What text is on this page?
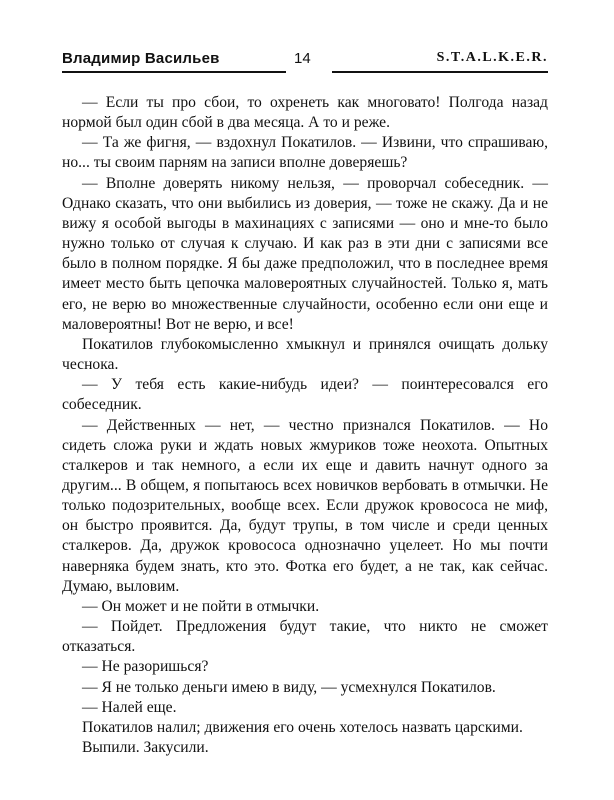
Владимир Васильев	14	S.T.A.L.K.E.R.

— Если ты про сбои, то охренеть как многовато! Полгода назад нормой был один сбой в два месяца. А то и реже.

— Та же фигня, — вздохнул Покатилов. — Извини, что спрашиваю, но... ты своим парням на записи вполне доверяешь?

— Вполне доверять никому нельзя, — проворчал собеседник. — Однако сказать, что они выбились из доверия, — тоже не скажу. Да и не вижу я особой выгоды в махинациях с записями — оно и мне-то было нужно только от случая к случаю. И как раз в эти дни с записями все было в полном порядке. Я бы даже предположил, что в последнее время имеет место быть цепочка маловероятных случайностей. Только я, мать его, не верю во множественные случайности, особенно если они еще и маловероятны! Вот не верю, и все!

Покатилов глубокомысленно хмыкнул и принялся очищать дольку чеснока.

— У тебя есть какие-нибудь идеи? — поинтересовался его собеседник.

— Действенных — нет, — честно признался Покатилов. — Но сидеть сложа руки и ждать новых жмуриков тоже неохота. Опытных сталкеров и так немного, а если их еще и давить начнут одного за другим... В общем, я попытаюсь всех новичков вербовать в отмычки. Не только подозрительных, вообще всех. Если дружок кровососа не миф, он быстро проявится. Да, будут трупы, в том числе и среди ценных сталкеров. Да, дружок кровососа однозначно уцелеет. Но мы почти наверняка будем знать, кто это. Фотка его будет, а не так, как сейчас. Думаю, выловим.

— Он может и не пойти в отмычки.

— Пойдет. Предложения будут такие, что никто не сможет отказаться.

— Не разоришься?

— Я не только деньги имею в виду, — усмехнулся Покатилов.

— Налей еще.

Покатилов налил; движения его очень хотелось назвать царскими.

Выпили. Закусили.
